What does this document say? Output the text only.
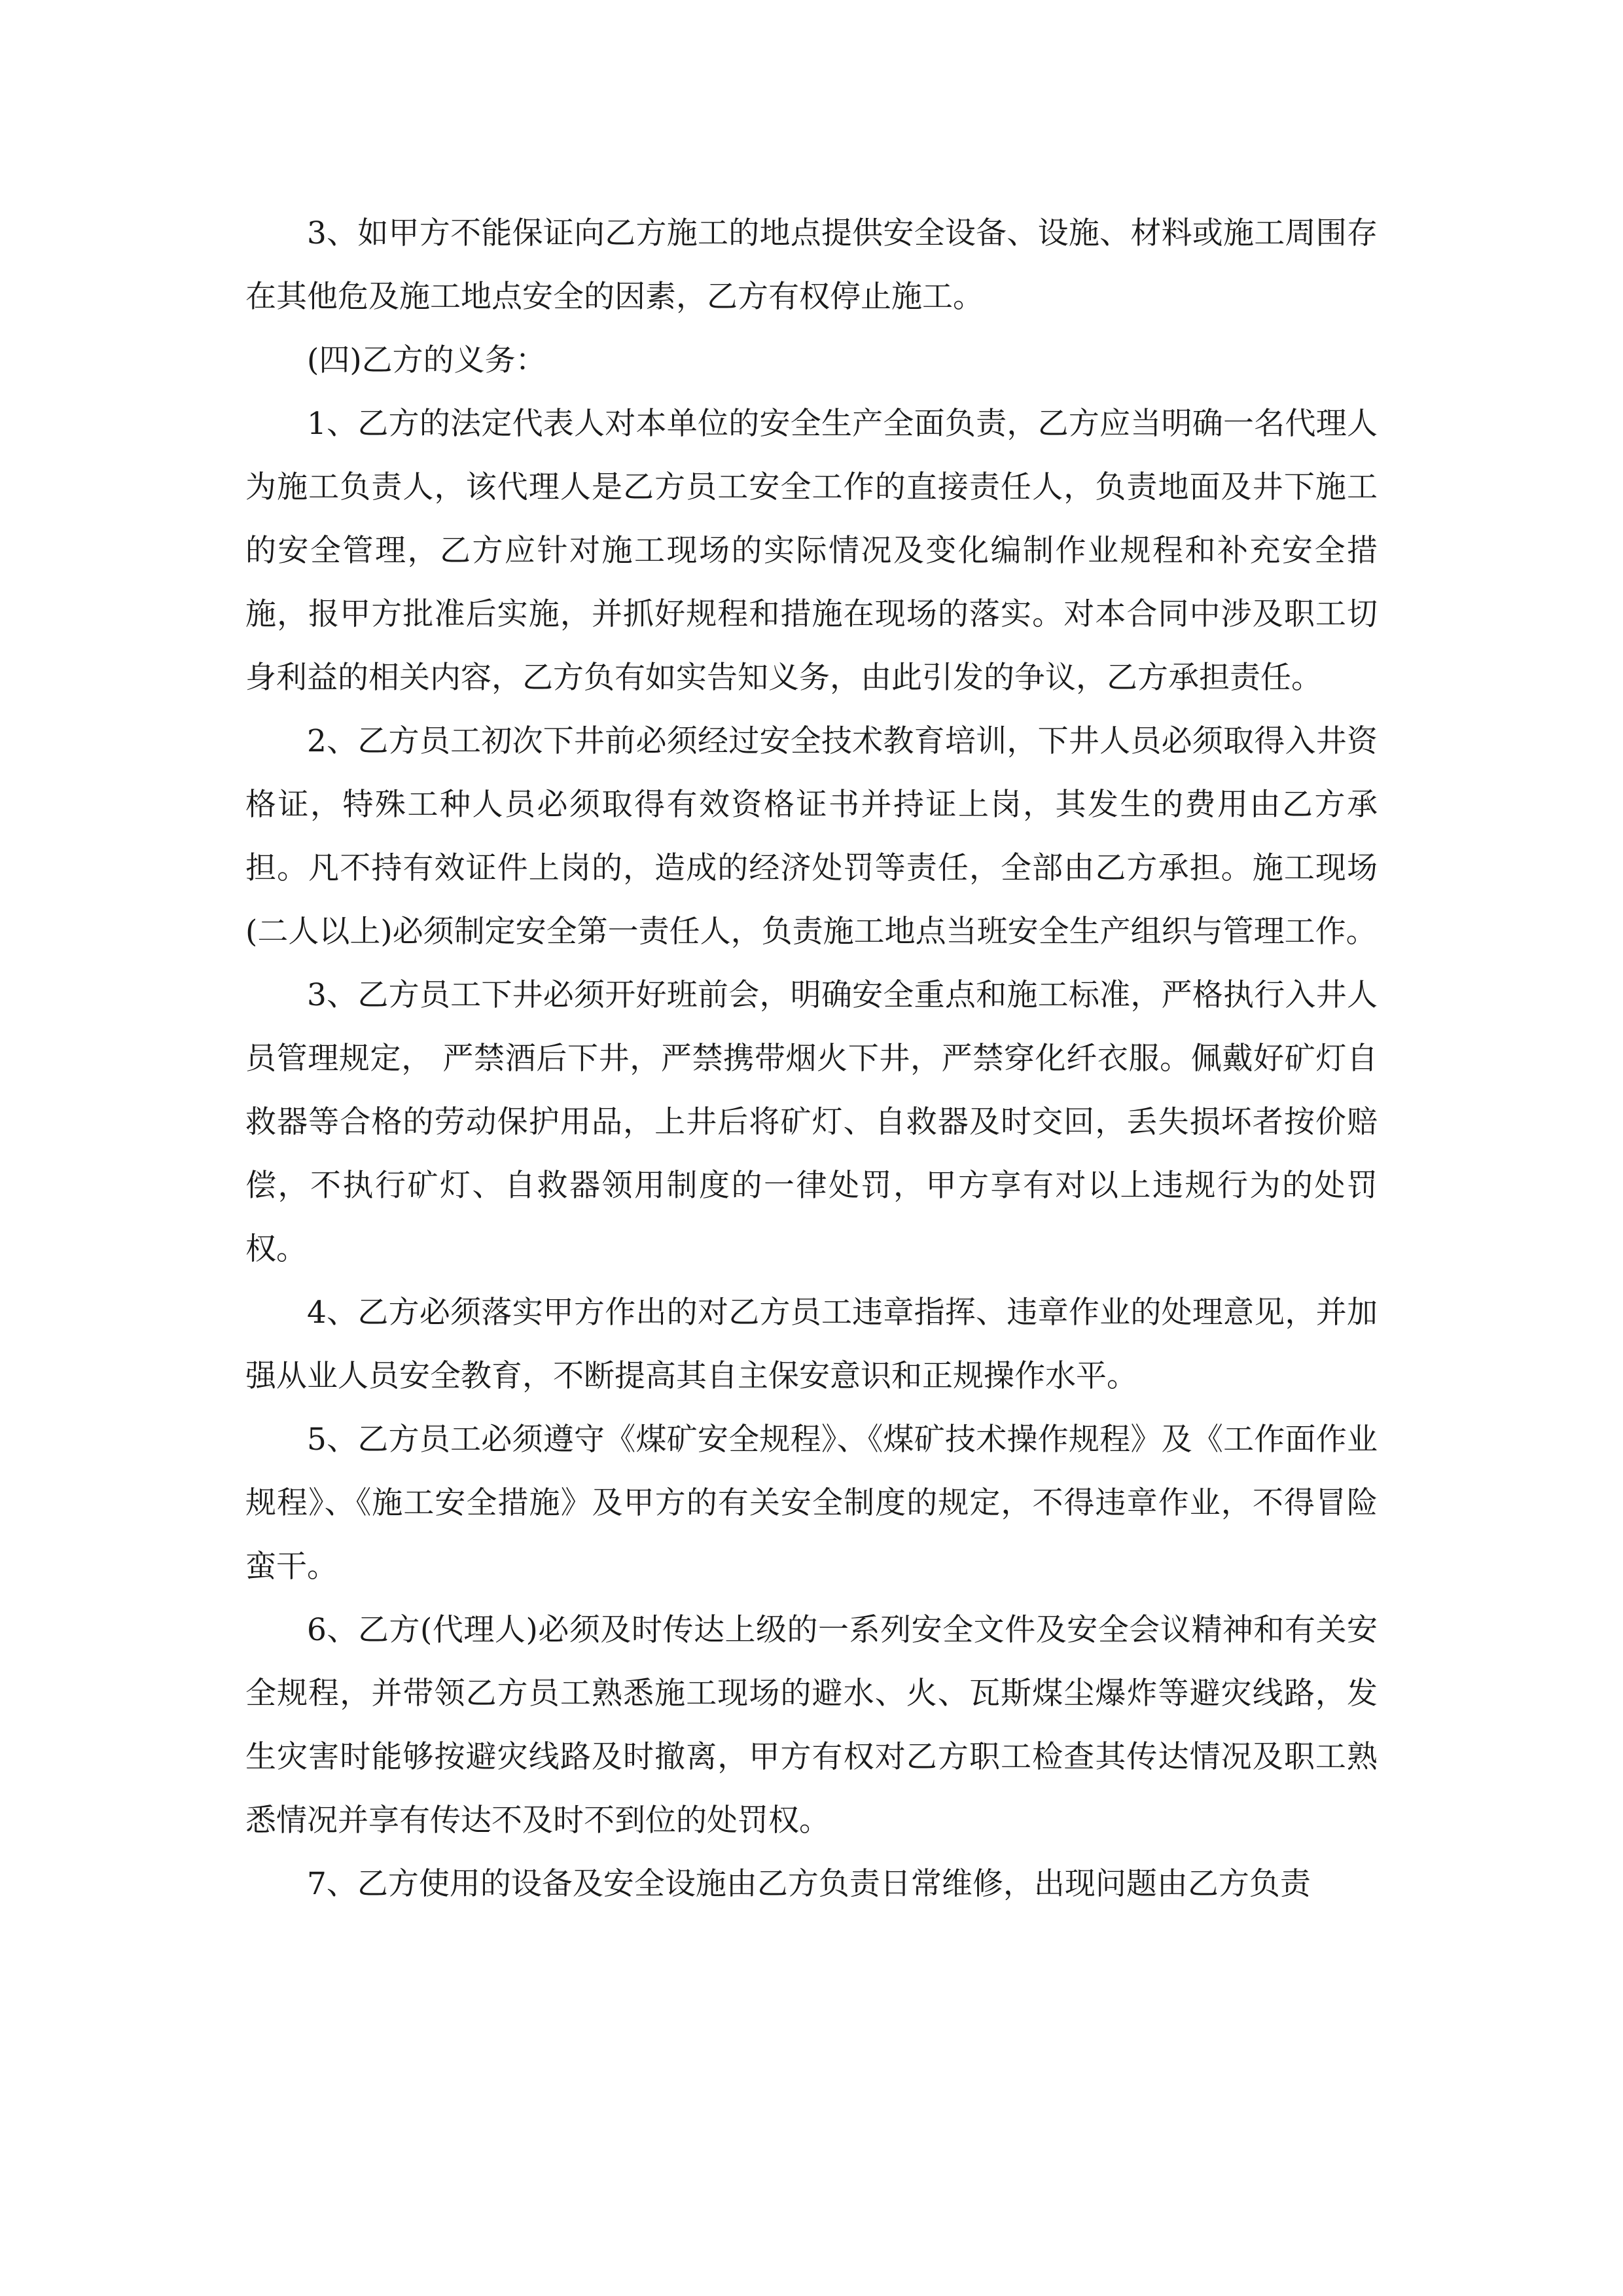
3、如甲方不能保证向乙方施工的地点提供安全设备、设施、材料或施工周围存在其他危及施工地点安全的因素，乙方有权停止施工。

(四)乙方的义务：

1、乙方的法定代表人对本单位的安全生产全面负责，乙方应当明确一名代理人为施工负责人，该代理人是乙方员工安全工作的直接责任人，负责地面及井下施工的安全管理，乙方应针对施工现场的实际情况及变化编制作业规程和补充安全措施，报甲方批准后实施，并抓好规程和措施在现场的落实。对本合同中涉及职工切身利益的相关内容，乙方负有如实告知义务，由此引发的争议，乙方承担责任。

2、乙方员工初次下井前必须经过安全技术教育培训，下井人员必须取得入井资格证，特殊工种人员必须取得有效资格证书并持证上岗，其发生的费用由乙方承担。凡不持有效证件上岗的，造成的经济处罚等责任，全部由乙方承担。施工现场(二人以上)必须制定安全第一责任人，负责施工地点当班安全生产组织与管理工作。

3、乙方员工下井必须开好班前会，明确安全重点和施工标准，严格执行入井人员管理规定， 严禁酒后下井，严禁携带烟火下井，严禁穿化纤衣服。佩戴好矿灯自救器等合格的劳动保护用品，上井后将矿灯、自救器及时交回，丢失损坏者按价赔偿，不执行矿灯、自救器领用制度的一律处罚，甲方享有对以上违规行为的处罚权。

4、乙方必须落实甲方作出的对乙方员工违章指挥、违章作业的处理意见，并加强从业人员安全教育，不断提高其自主保安意识和正规操作水平。

5、乙方员工必须遵守《煤矿安全规程》、《煤矿技术操作规程》及《工作面作业规程》、《施工安全措施》及甲方的有关安全制度的规定，不得违章作业，不得冒险蛮干。

6、乙方(代理人)必须及时传达上级的一系列安全文件及安全会议精神和有关安全规程，并带领乙方员工熟悉施工现场的避水、火、瓦斯煤尘爆炸等避灾线路，发生灾害时能够按避灾线路及时撤离，甲方有权对乙方职工检查其传达情况及职工熟悉情况并享有传达不及时不到位的处罚权。

7、乙方使用的设备及安全设施由乙方负责日常维修，出现问题由乙方负责
